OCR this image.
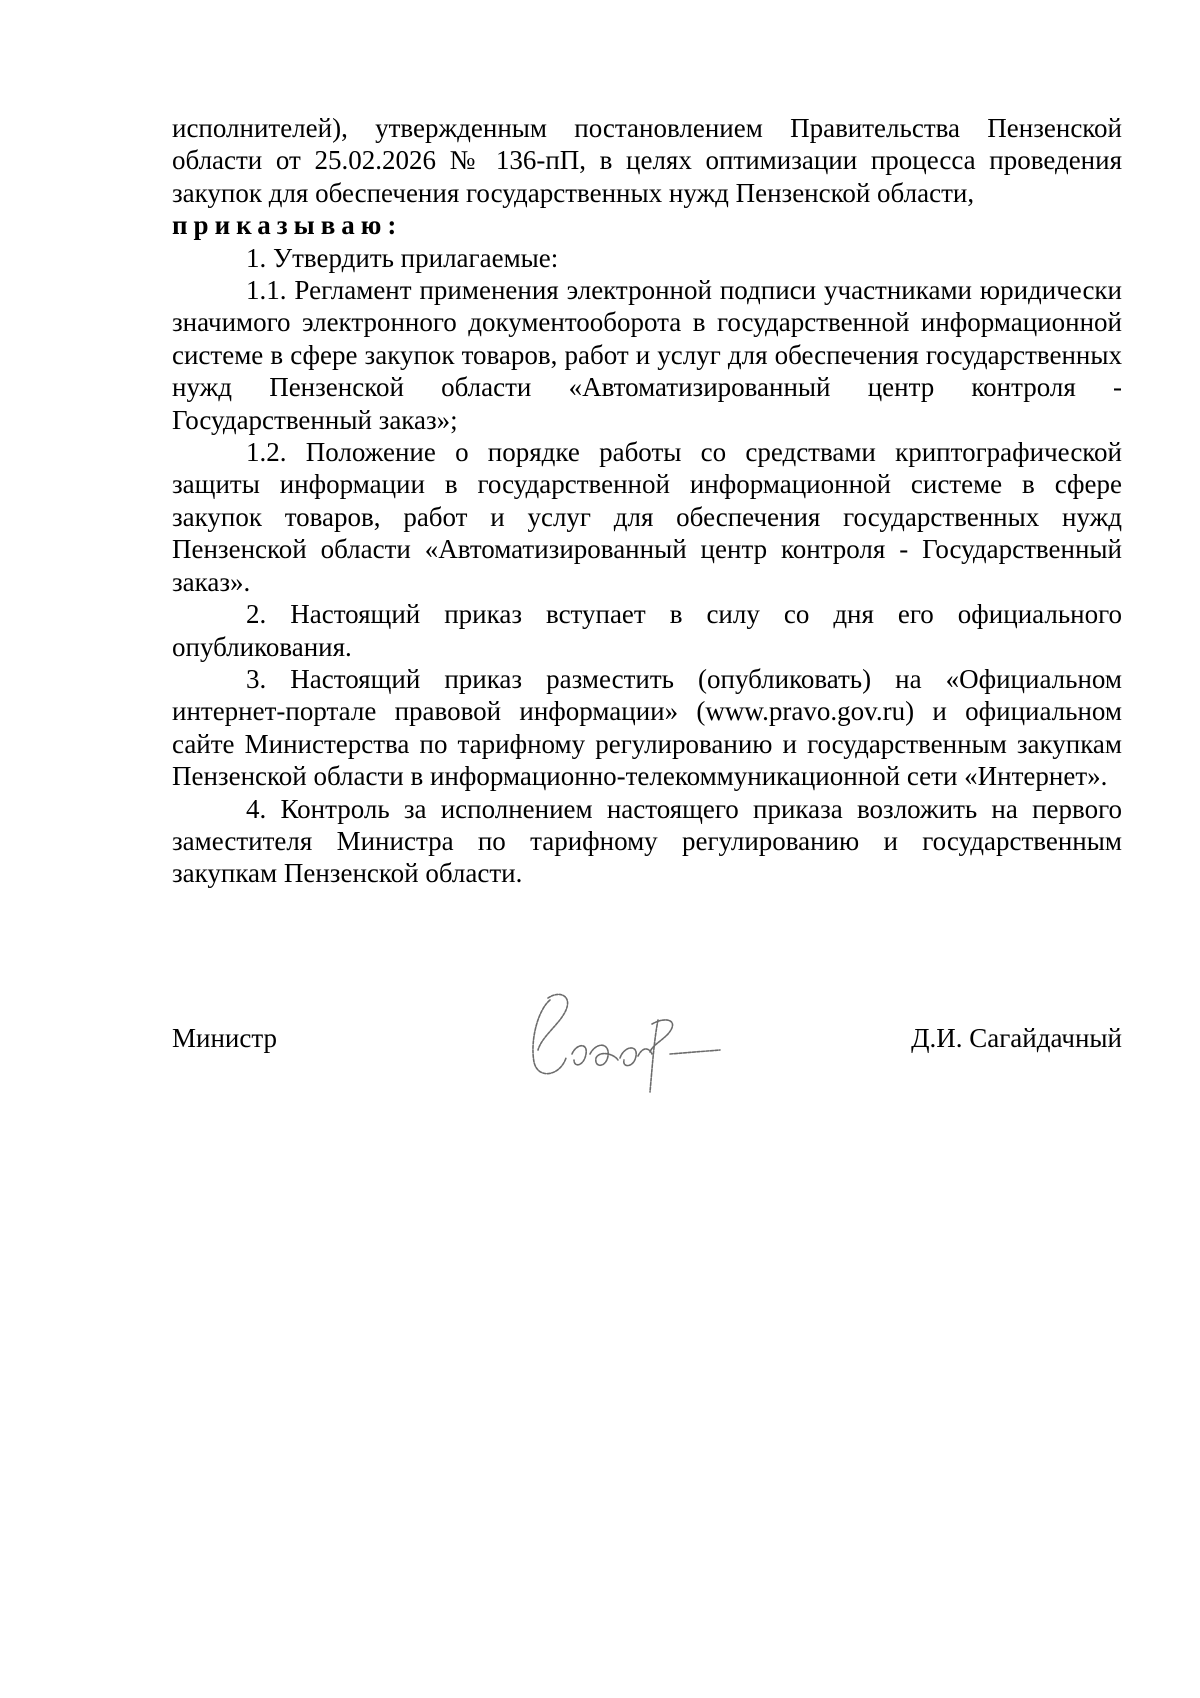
исполнителей), утвержденным постановлением Правительства Пензенской области от 25.02.2026 № 136-пП, в целях оптимизации процесса проведения закупок для обеспечения государственных нужд Пензенской области,

приказываю:

1. Утвердить прилагаемые:

1.1. Регламент применения электронной подписи участниками юридически значимого электронного документооборота в государственной информационной системе в сфере закупок товаров, работ и услуг для обеспечения государственных нужд Пензенской области «Автоматизированный центр контроля - Государственный заказ»;

1.2. Положение о порядке работы со средствами криптографической защиты информации в государственной информационной системе в сфере закупок товаров, работ и услуг для обеспечения государственных нужд Пензенской области «Автоматизированный центр контроля - Государственный заказ».

2. Настоящий приказ вступает в силу со дня его официального опубликования.

3. Настоящий приказ разместить (опубликовать) на «Официальном интернет-портале правовой информации» (www.pravo.gov.ru) и официальном сайте Министерства по тарифному регулированию и государственным закупкам Пензенской области в информационно-телекоммуникационной сети «Интернет».

4. Контроль за исполнением настоящего приказа возложить на первого заместителя Министра по тарифному регулированию и государственным закупкам Пензенской области.

Министр	Д.И. Сагайдачный
